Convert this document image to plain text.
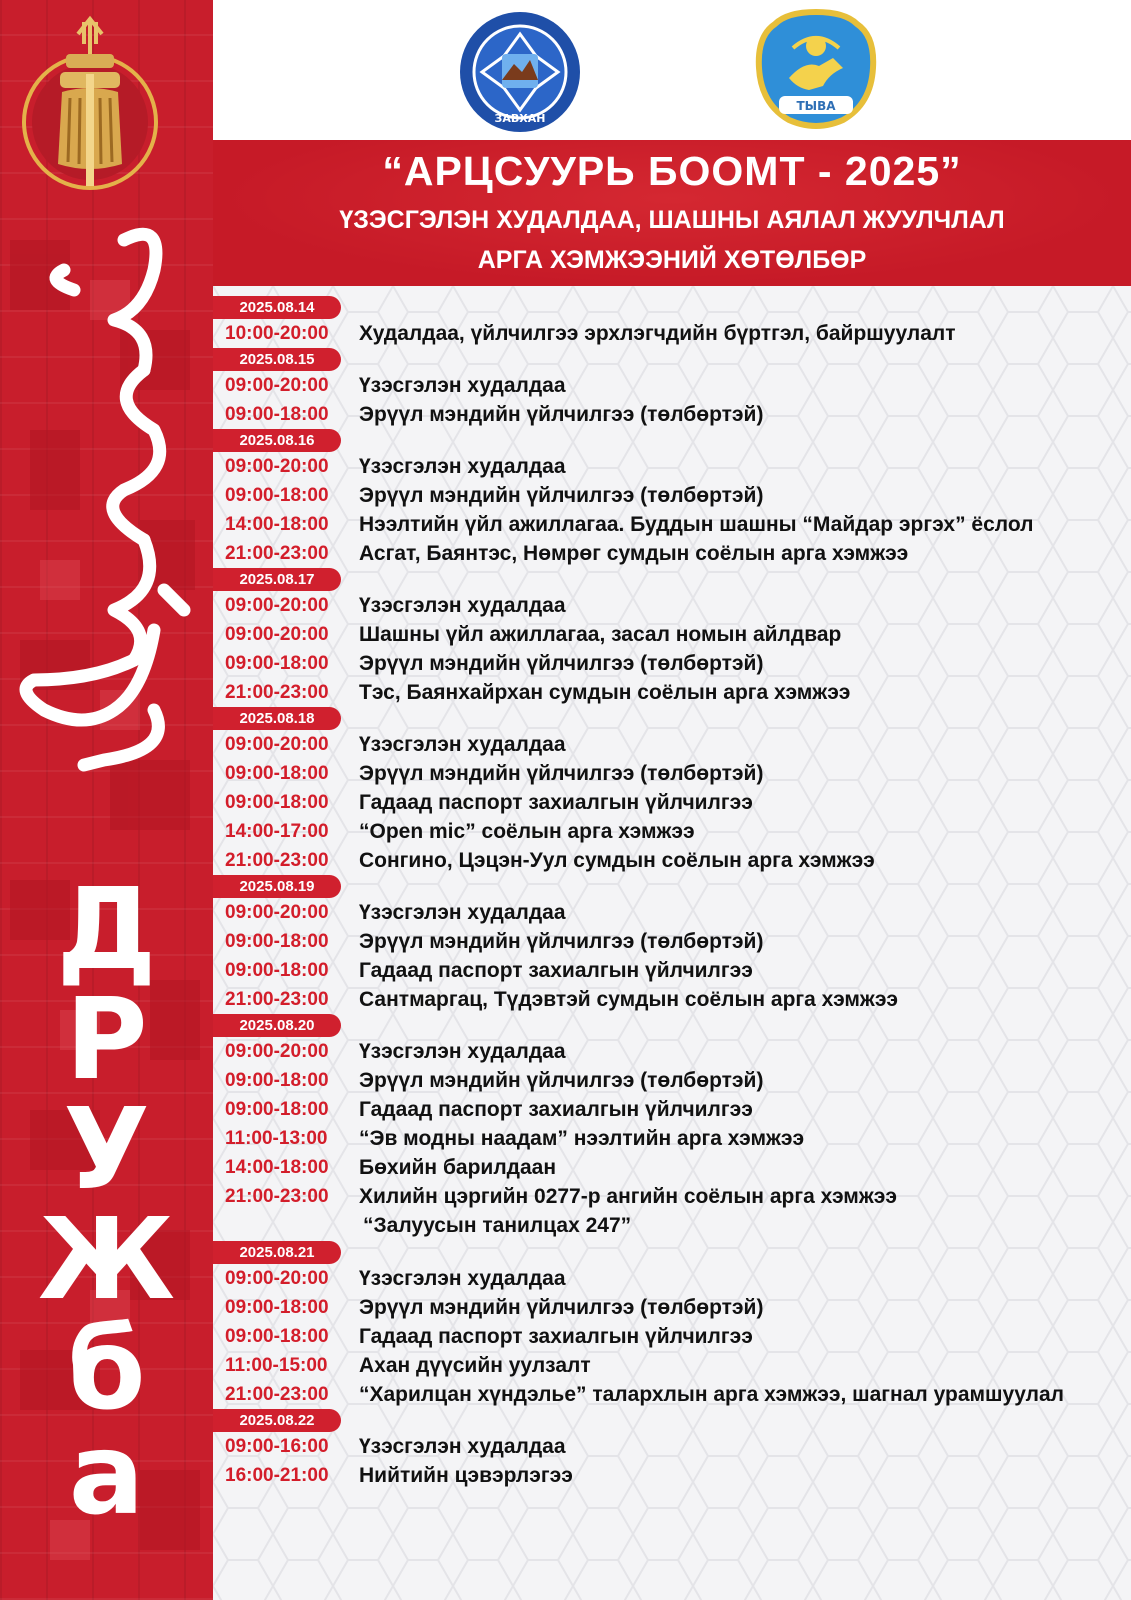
Д
Р
У
Ж
б
а
ЗАВХАН
ТЫВА
“АРЦСУУРЬ БООМТ - 2025”
ҮЗЭСГЭЛЭН ХУДАЛДАА, ШАШНЫ АЯЛАЛ ЖУУЛЧЛАЛ
АРГА ХЭМЖЭЭНИЙ ХӨТӨЛБӨР
2025.08.14
10:00-20:00	Худалдаа, үйлчилгээ эрхлэгчдийн бүртгэл, байршуулалт
2025.08.15
09:00-20:00	Үзэсгэлэн худалдаа
09:00-18:00	Эрүүл мэндийн үйлчилгээ (төлбөртэй)
2025.08.16
09:00-20:00	Үзэсгэлэн худалдаа
09:00-18:00	Эрүүл мэндийн үйлчилгээ (төлбөртэй)
14:00-18:00	Нээлтийн үйл ажиллагаа. Буддын шашны “Майдар эргэх” ёслол
21:00-23:00	Асгат, Баянтэс, Нөмрөг сумдын соёлын арга хэмжээ
2025.08.17
09:00-20:00	Үзэсгэлэн худалдаа
09:00-20:00	Шашны үйл ажиллагаа, засал номын айлдвар
09:00-18:00	Эрүүл мэндийн үйлчилгээ (төлбөртэй)
21:00-23:00	Тэс, Баянхайрхан сумдын соёлын арга хэмжээ
2025.08.18
09:00-20:00	Үзэсгэлэн худалдаа
09:00-18:00	Эрүүл мэндийн үйлчилгээ (төлбөртэй)
09:00-18:00	Гадаад паспорт захиалгын үйлчилгээ
14:00-17:00	“Open mic” соёлын арга хэмжээ
21:00-23:00	Сонгино, Цэцэн-Уул сумдын соёлын арга хэмжээ
2025.08.19
09:00-20:00	Үзэсгэлэн худалдаа
09:00-18:00	Эрүүл мэндийн үйлчилгээ (төлбөртэй)
09:00-18:00	Гадаад паспорт захиалгын үйлчилгээ
21:00-23:00	Сантмаргац, Түдэвтэй сумдын соёлын арга хэмжээ
2025.08.20
09:00-20:00	Үзэсгэлэн худалдаа
09:00-18:00	Эрүүл мэндийн үйлчилгээ (төлбөртэй)
09:00-18:00	Гадаад паспорт захиалгын үйлчилгээ
11:00-13:00	“Эв модны наадам” нээлтийн арга хэмжээ
14:00-18:00	Бөхийн барилдаан
21:00-23:00	Хилийн цэргийн 0277-р ангийн соёлын арга хэмжээ
“Залуусын танилцах 247”
2025.08.21
09:00-20:00	Үзэсгэлэн худалдаа
09:00-18:00	Эрүүл мэндийн үйлчилгээ (төлбөртэй)
09:00-18:00	Гадаад паспорт захиалгын үйлчилгээ
11:00-15:00	Ахан дүүсийн уулзалт
21:00-23:00	“Харилцан хүндэлье” талархлын арга хэмжээ, шагнал урамшуулал
2025.08.22
09:00-16:00	Үзэсгэлэн худалдаа
16:00-21:00	Нийтийн цэвэрлэгээ
